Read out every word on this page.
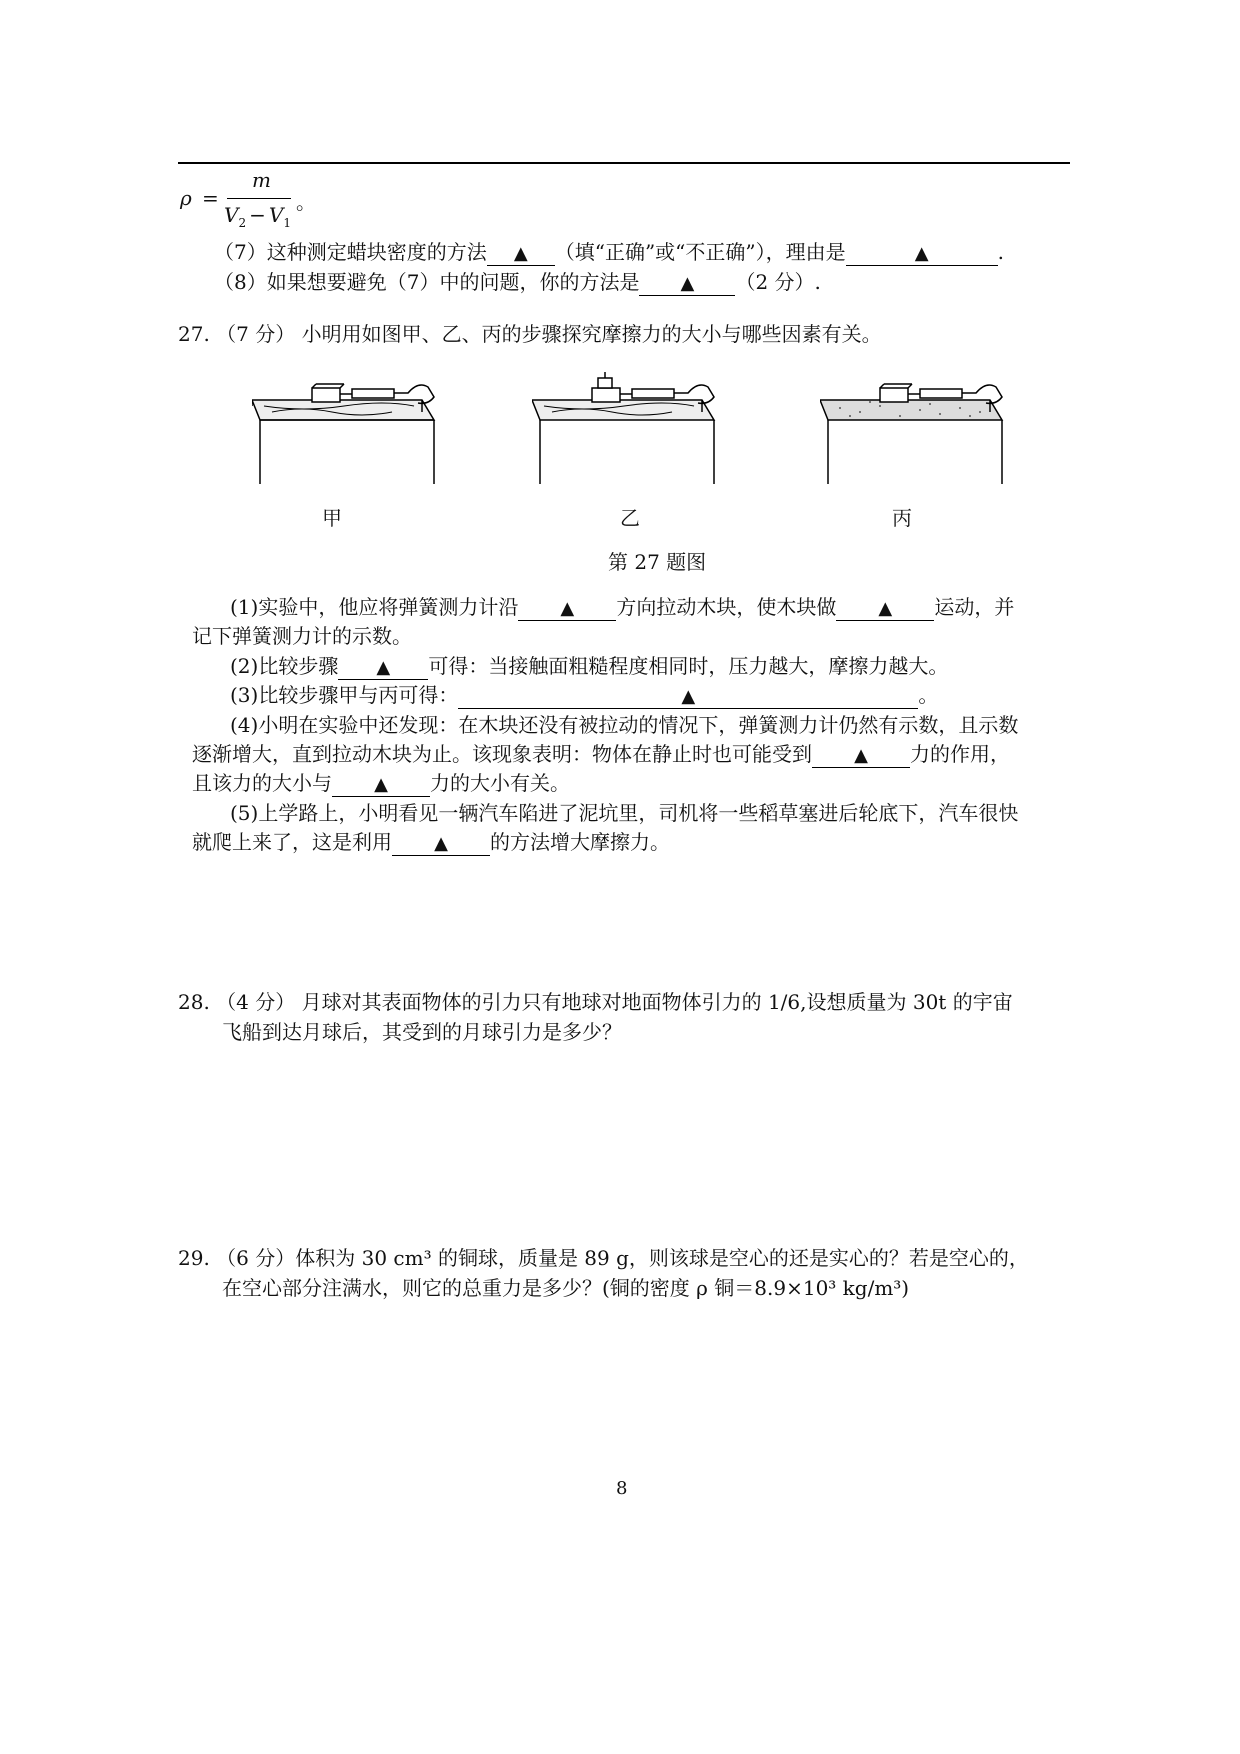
ρ =
m
$V_2 - V_1$
。
（7）这种测定蜡块密度的方法 ▲ （填“正确”或“不正确”），理由是	▲	.
（8）如果想要避免（7）中的问题，你的方法是 ▲ （2 分）.
27. （7 分） 小明用如图甲、乙、丙的步骤探究摩擦力的大小与哪些因素有关。
甲	乙	丙
第 27 题图
(1)实验中，他应将弹簧测力计沿 ▲ 方向拉动木块，使木块做 ▲ 运动，并
记下弹簧测力计的示数。
(2)比较步骤 ▲ 可得：当接触面粗糙程度相同时，压力越大，摩擦力越大。
(3)比较步骤甲与丙可得：	▲	。
(4)小明在实验中还发现：在木块还没有被拉动的情况下，弹簧测力计仍然有示数，且示数
逐渐增大，直到拉动木块为止。该现象表明：物体在静止时也可能受到 ▲ 力的作用，
且该力的大小与 ▲ 力的大小有关。
(5)上学路上，小明看见一辆汽车陷进了泥坑里，司机将一些稻草塞进后轮底下，汽车很快
就爬上来了，这是利用 ▲ 的方法增大摩擦力。
28. （4 分） 月球对其表面物体的引力只有地球对地面物体引力的 1/6,设想质量为 30t 的宇宙
飞船到达月球后，其受到的月球引力是多少？
29. （6 分）体积为 30 cm³ 的铜球，质量是 89 g，则该球是空心的还是实心的？若是空心的，
在空心部分注满水，则它的总重力是多少？(铜的密度 ρ 铜＝8.9×10³ kg/m³)
8
